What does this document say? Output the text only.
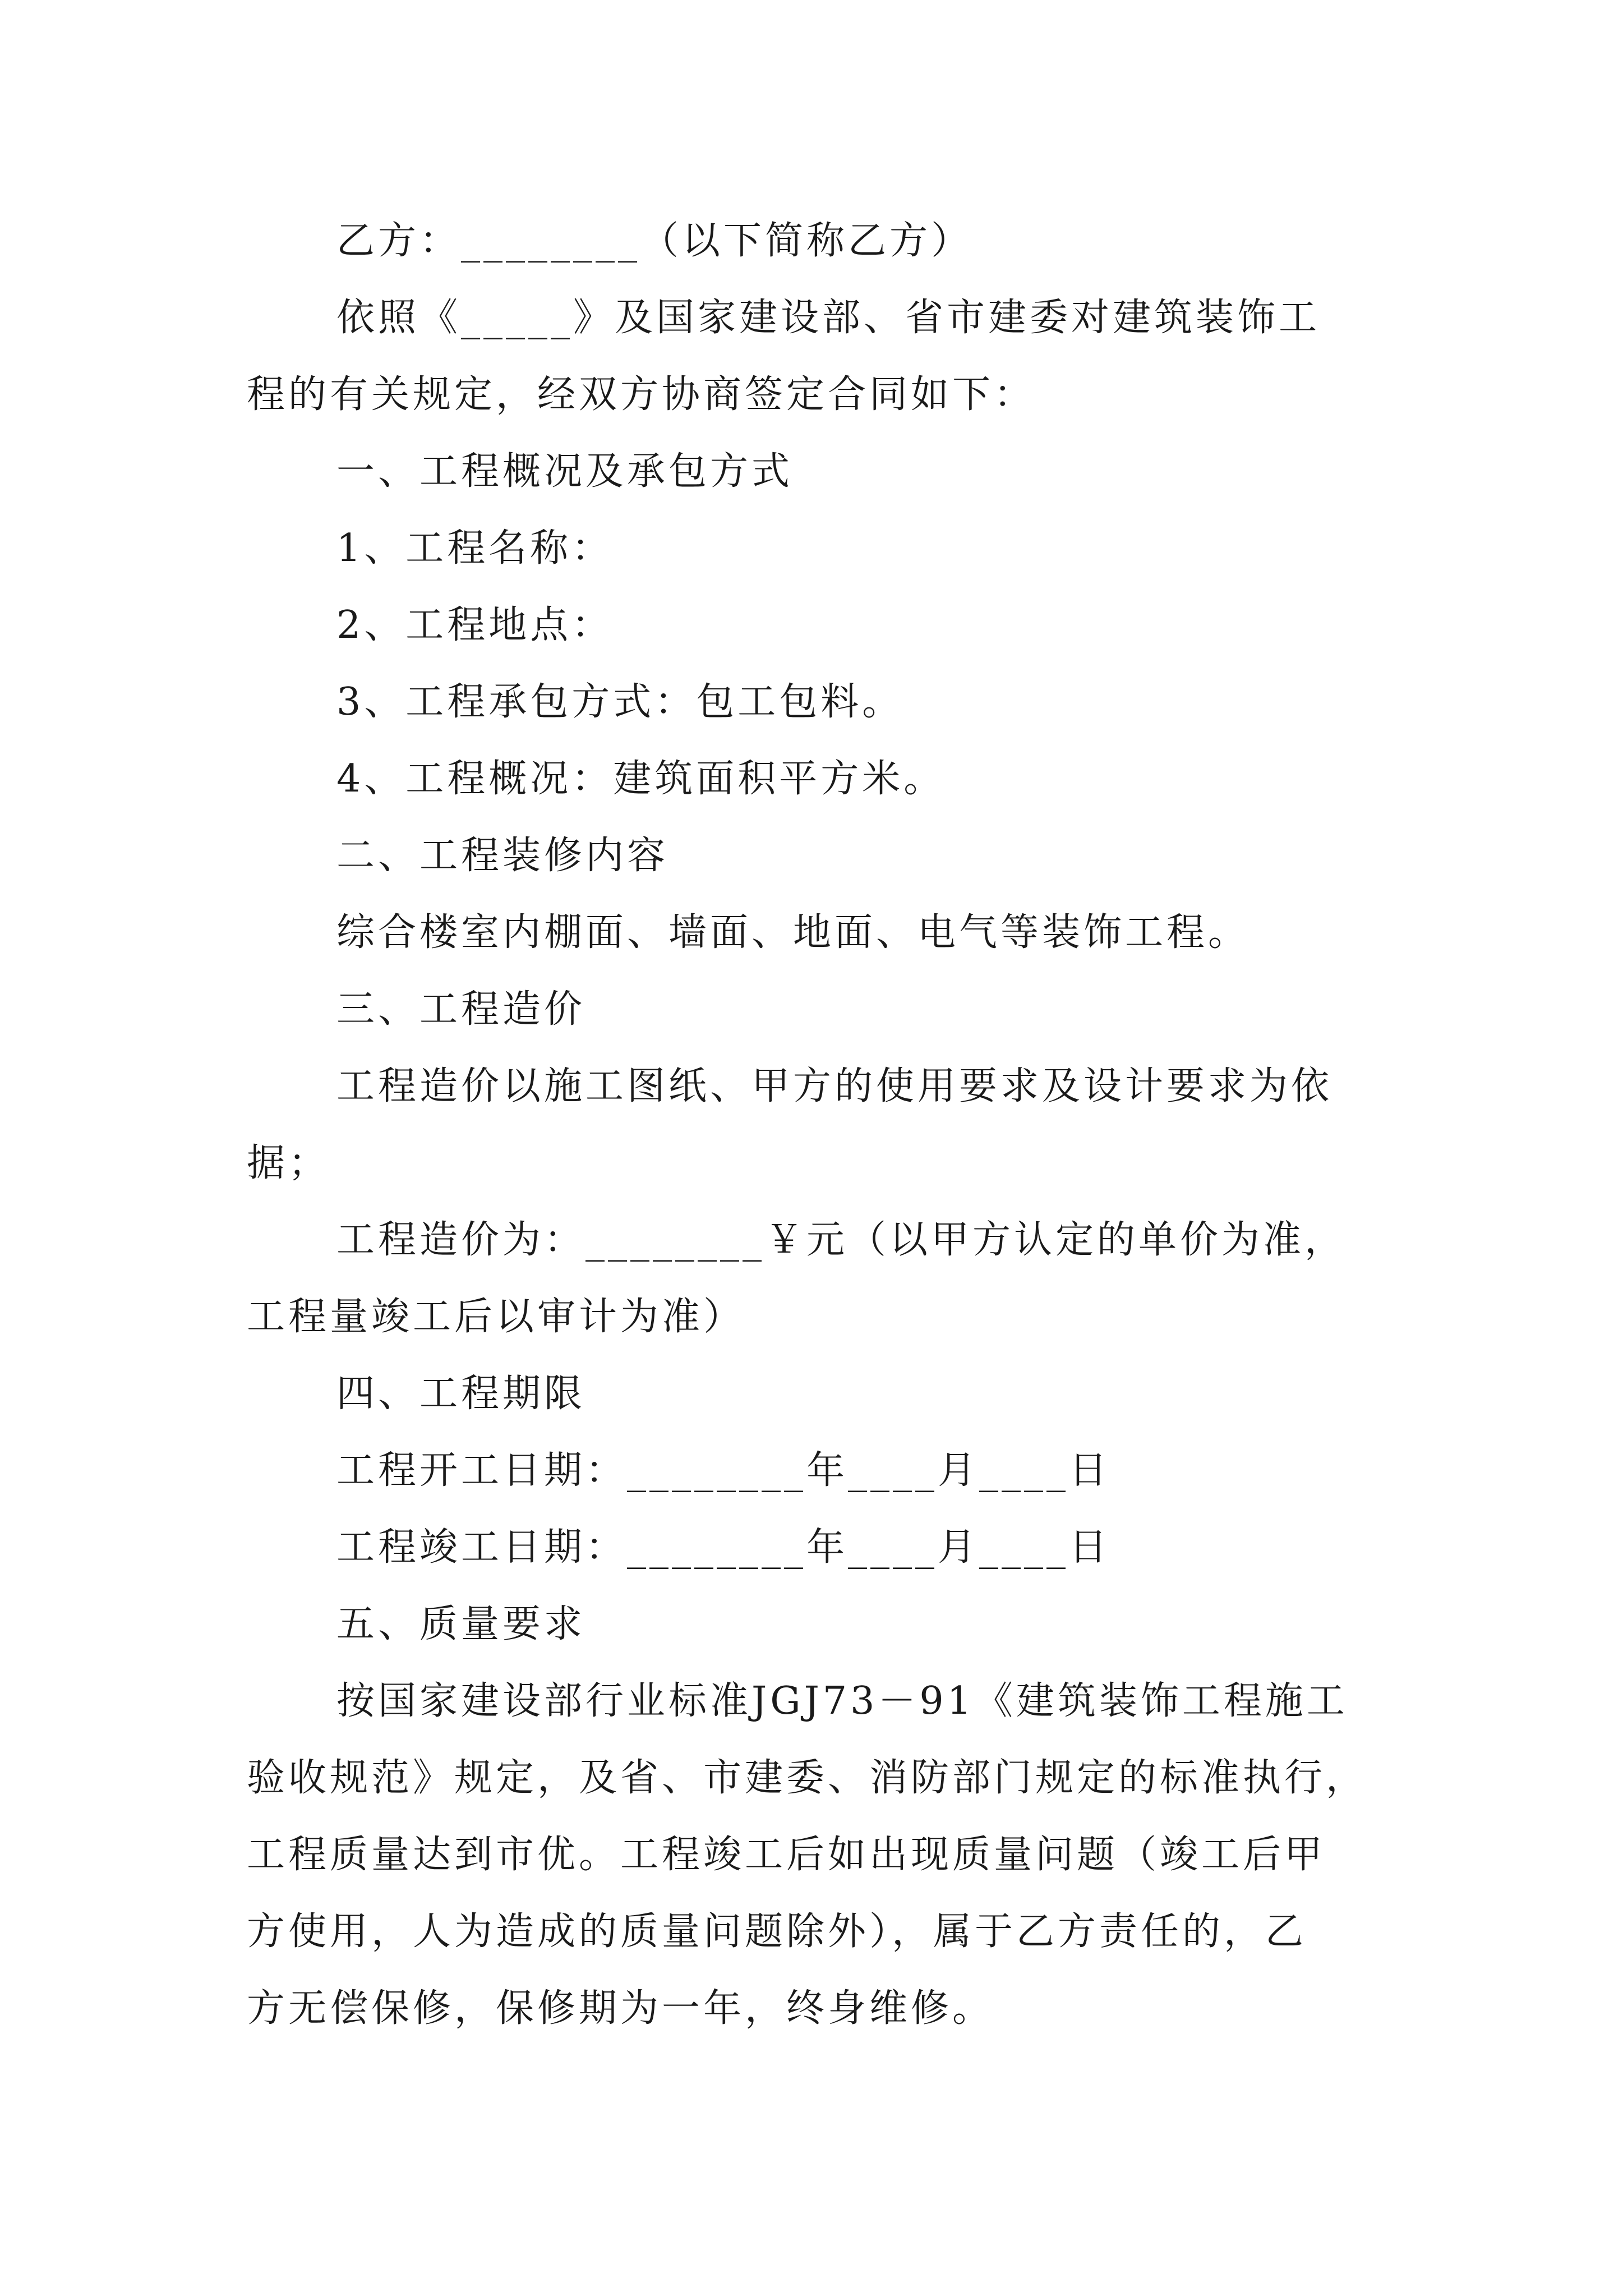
乙方：________（以下简称乙方）
依照《_____》及国家建设部、省市建委对建筑装饰工
程的有关规定，经双方协商签定合同如下：
一、工程概况及承包方式
1、工程名称：
2、工程地点：
3、工程承包方式：包工包料。
4、工程概况：建筑面积平方米。
二、工程装修内容
综合楼室内棚面、墙面、地面、电气等装饰工程。
三、工程造价
工程造价以施工图纸、甲方的使用要求及设计要求为依
据；
工程造价为：________￥元（以甲方认定的单价为准，
工程量竣工后以审计为准）
四、工程期限
工程开工日期：________年____月____日
工程竣工日期：________年____月____日
五、质量要求
按国家建设部行业标准JGJ73－91《建筑装饰工程施工
验收规范》规定，及省、市建委、消防部门规定的标准执行，
工程质量达到市优。工程竣工后如出现质量问题（竣工后甲
方使用，人为造成的质量问题除外），属于乙方责任的，乙
方无偿保修，保修期为一年，终身维修。
